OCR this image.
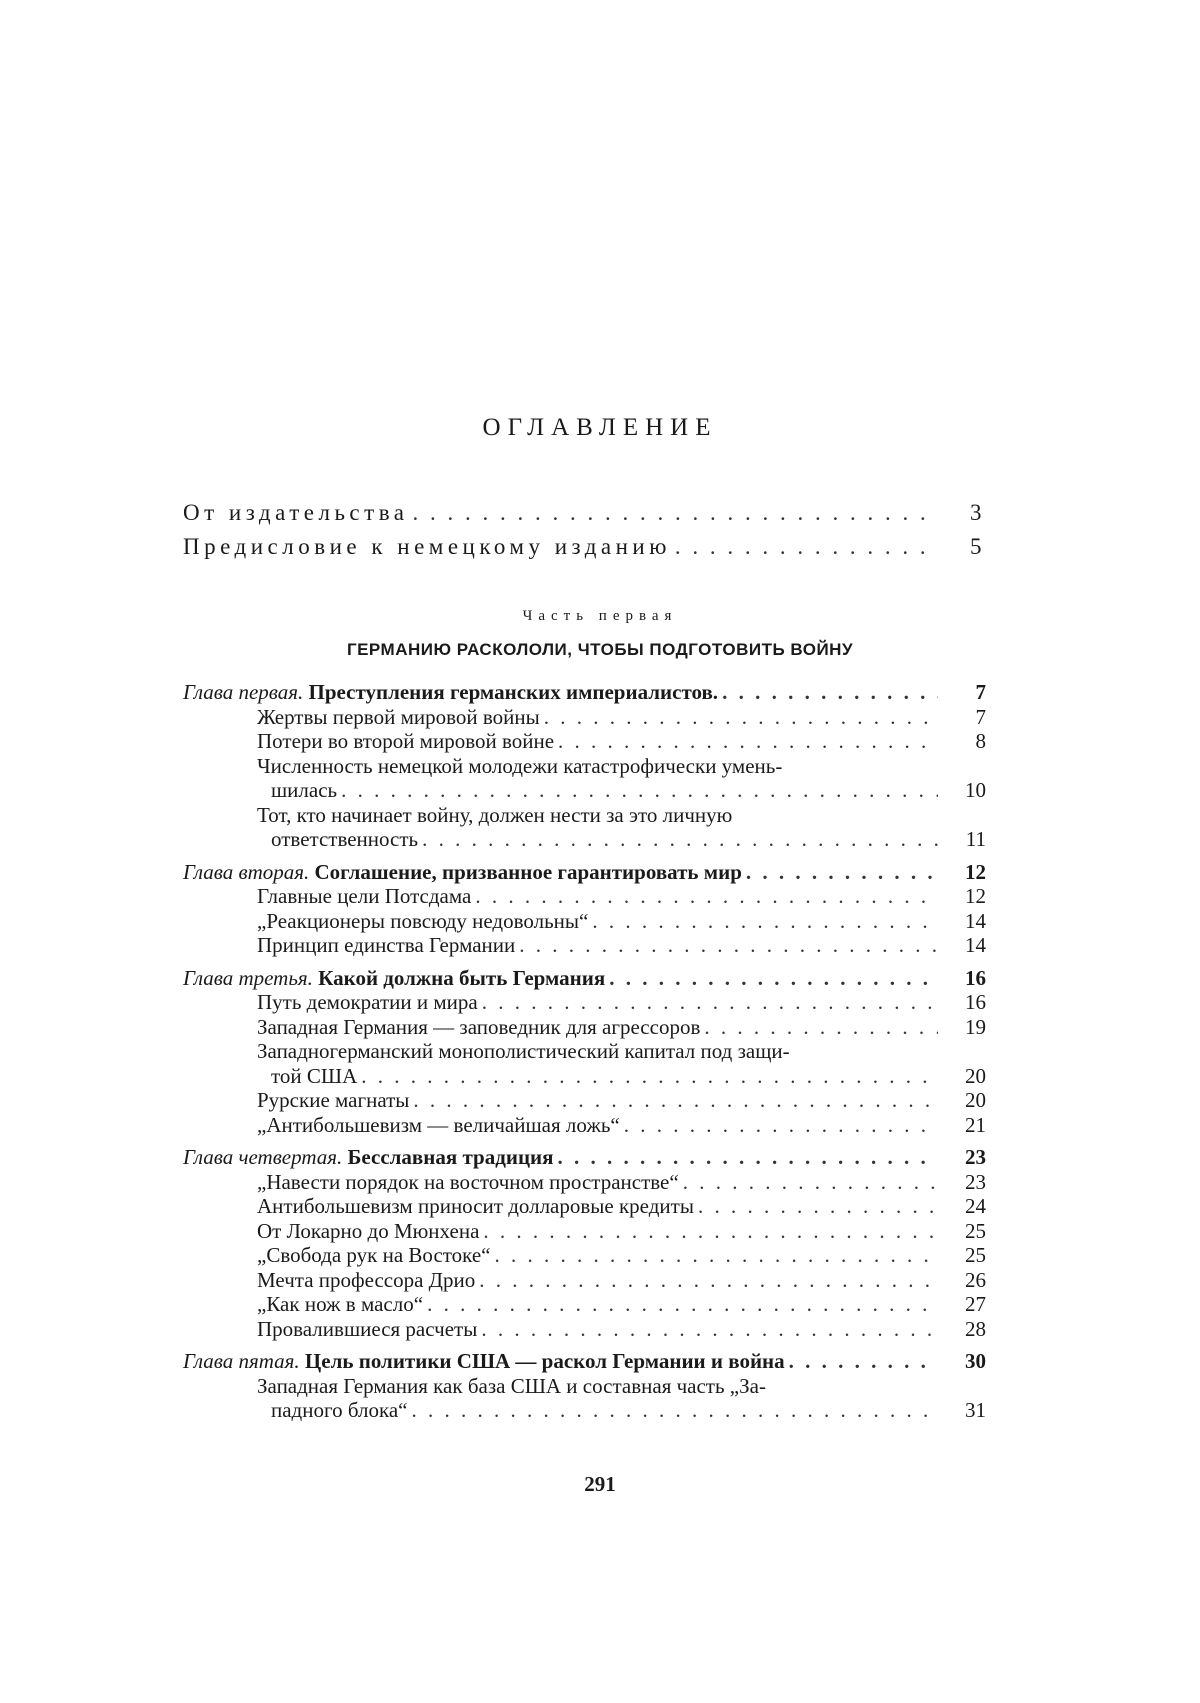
ОГЛАВЛЕНИЕ
От издательства . . .	3
Предисловие к немецкому изданию . . .	5
Часть первая
ГЕРМАНИЮ РАСКОЛОЛИ, ЧТОБЫ ПОДГОТОВИТЬ ВОЙНУ
Глава первая. Преступления германских империалистов. . . .	7
Жертвы первой мировой войны . . .	7
Потери во второй мировой войне . . .	8
Численность немецкой молодежи катастрофически умень-
шилась . . .	10
Тот, кто начинает войну, должен нести за это личную
ответственность . . .	11
Глава вторая. Соглашение, призванное гарантировать мир . . .	12
Главные цели Потсдама . . .	12
„Реакционеры повсюду недовольны“ . . .	14
Принцип единства Германии . . .	14
Глава третья. Какой должна быть Германия . . .	16
Путь демократии и мира . . .	16
Западная Германия — заповедник для агрессоров . . .	19
Западногерманский монополистический капитал под защи-
той США . . .	20
Рурские магнаты . . .	20
„Антибольшевизм — величайшая ложь“ . . .	21
Глава четвертая. Бесславная традиция . . .	23
„Навести порядок на восточном пространстве“ . . .	23
Антибольшевизм приносит долларовые кредиты . . .	24
От Локарно до Мюнхена . . .	25
„Свобода рук на Востоке“ . . .	25
Мечта профессора Дрио . . .	26
„Как нож в масло“ . . .	27
Провалившиеся расчеты . . .	28
Глава пятая. Цель политики США — раскол Германии и война . . .	30
Западная Германия как база США и составная часть „За-
падного блока“ . . .	31
291
